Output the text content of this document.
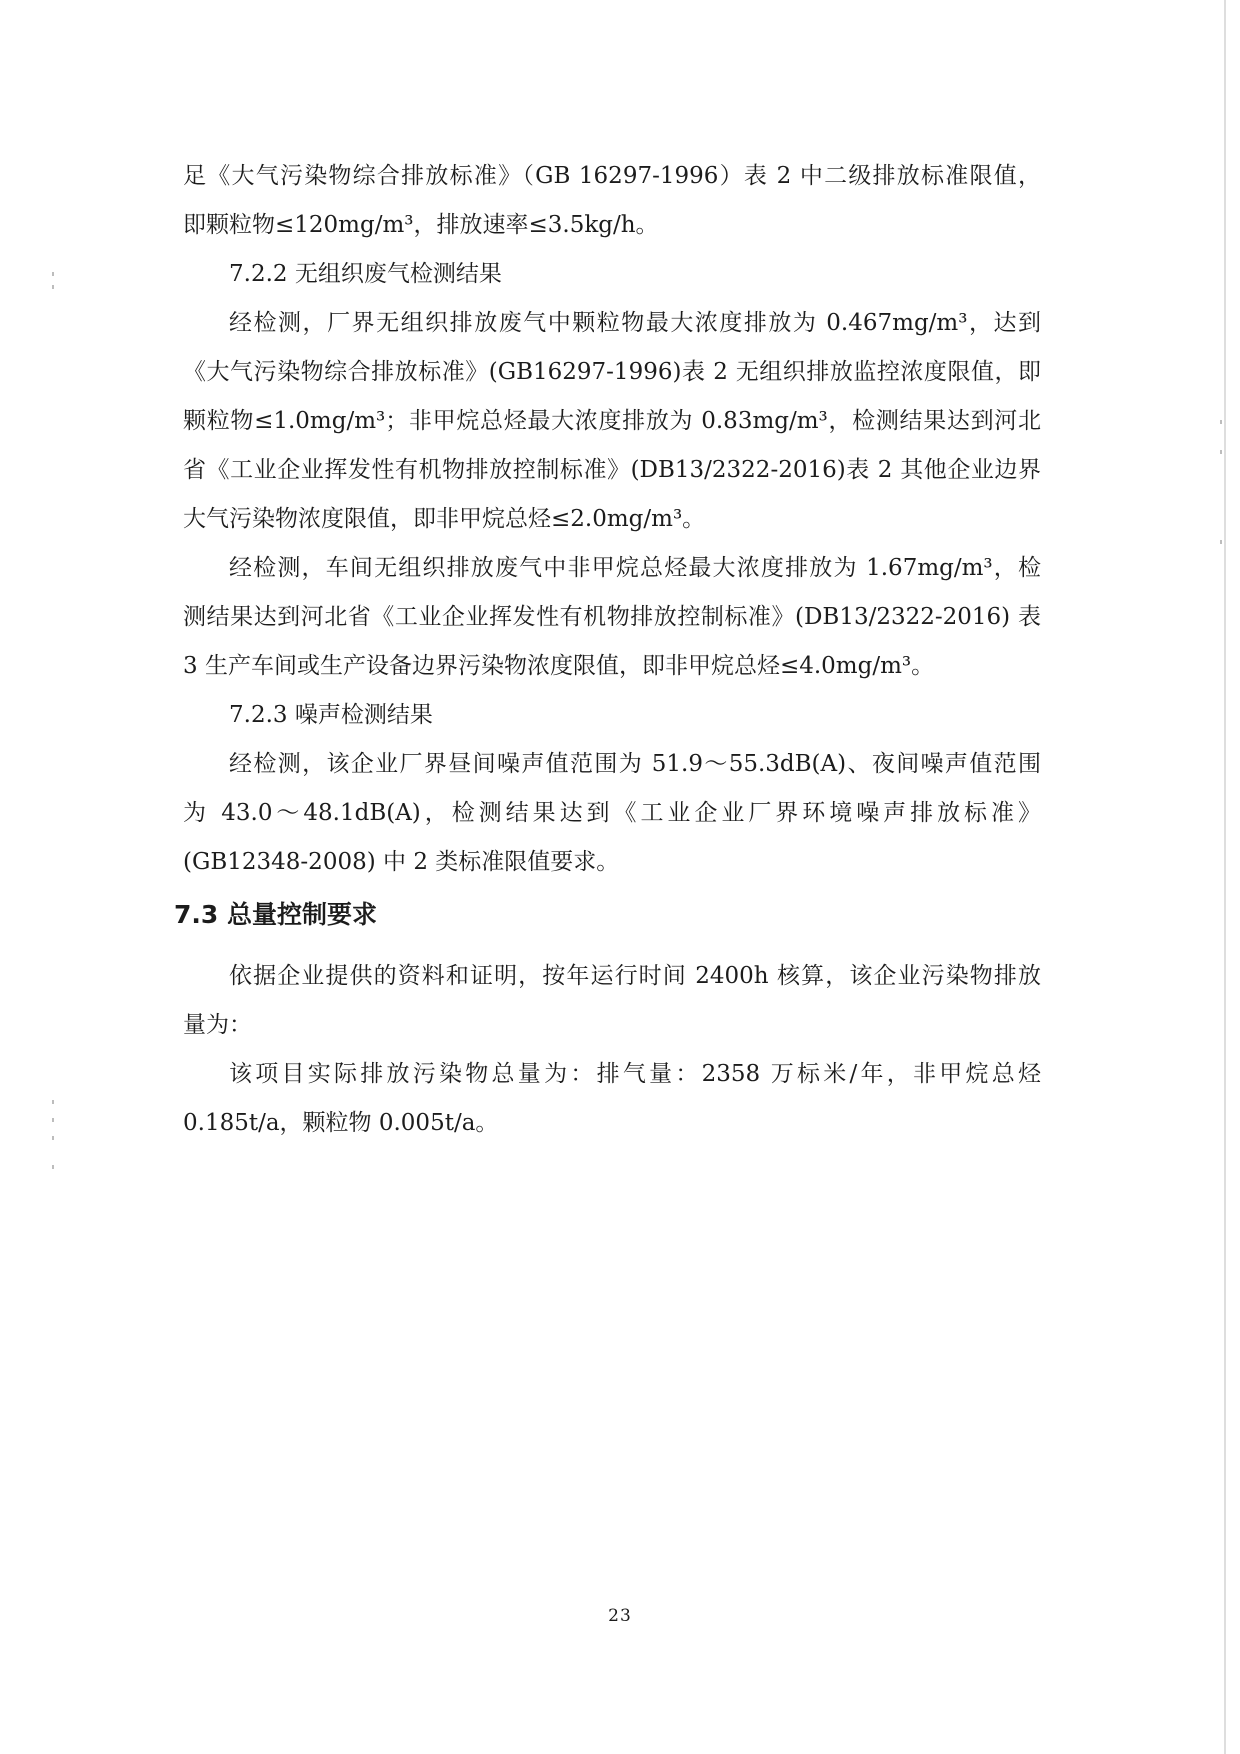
足《大气污染物综合排放标准》（GB 16297-1996）表 2 中二级排放标准限值，
即颗粒物≤120mg/m³，排放速率≤3.5kg/h。
7.2.2 无组织废气检测结果
经检测，厂界无组织排放废气中颗粒物最大浓度排放为 0.467mg/m³，达到
《大气污染物综合排放标准》(GB16297-1996)表 2 无组织排放监控浓度限值，即
颗粒物≤1.0mg/m³；非甲烷总烃最大浓度排放为 0.83mg/m³，检测结果达到河北
省《工业企业挥发性有机物排放控制标准》(DB13/2322-2016)表 2 其他企业边界
大气污染物浓度限值，即非甲烷总烃≤2.0mg/m³。
经检测，车间无组织排放废气中非甲烷总烃最大浓度排放为 1.67mg/m³，检
测结果达到河北省《工业企业挥发性有机物排放控制标准》(DB13/2322-2016) 表
3 生产车间或生产设备边界污染物浓度限值，即非甲烷总烃≤4.0mg/m³。
7.2.3 噪声检测结果
经检测，该企业厂界昼间噪声值范围为 51.9～55.3dB(A)、夜间噪声值范围
为 43.0～48.1dB(A)，检测结果达到《工业企业厂界环境噪声排放标准》
(GB12348-2008) 中 2 类标准限值要求。
7.3 总量控制要求
依据企业提供的资料和证明，按年运行时间 2400h 核算，该企业污染物排放
量为：
该项目实际排放污染物总量为：排气量：2358 万标米/年，非甲烷总烃
0.185t/a，颗粒物 0.005t/a。
23
